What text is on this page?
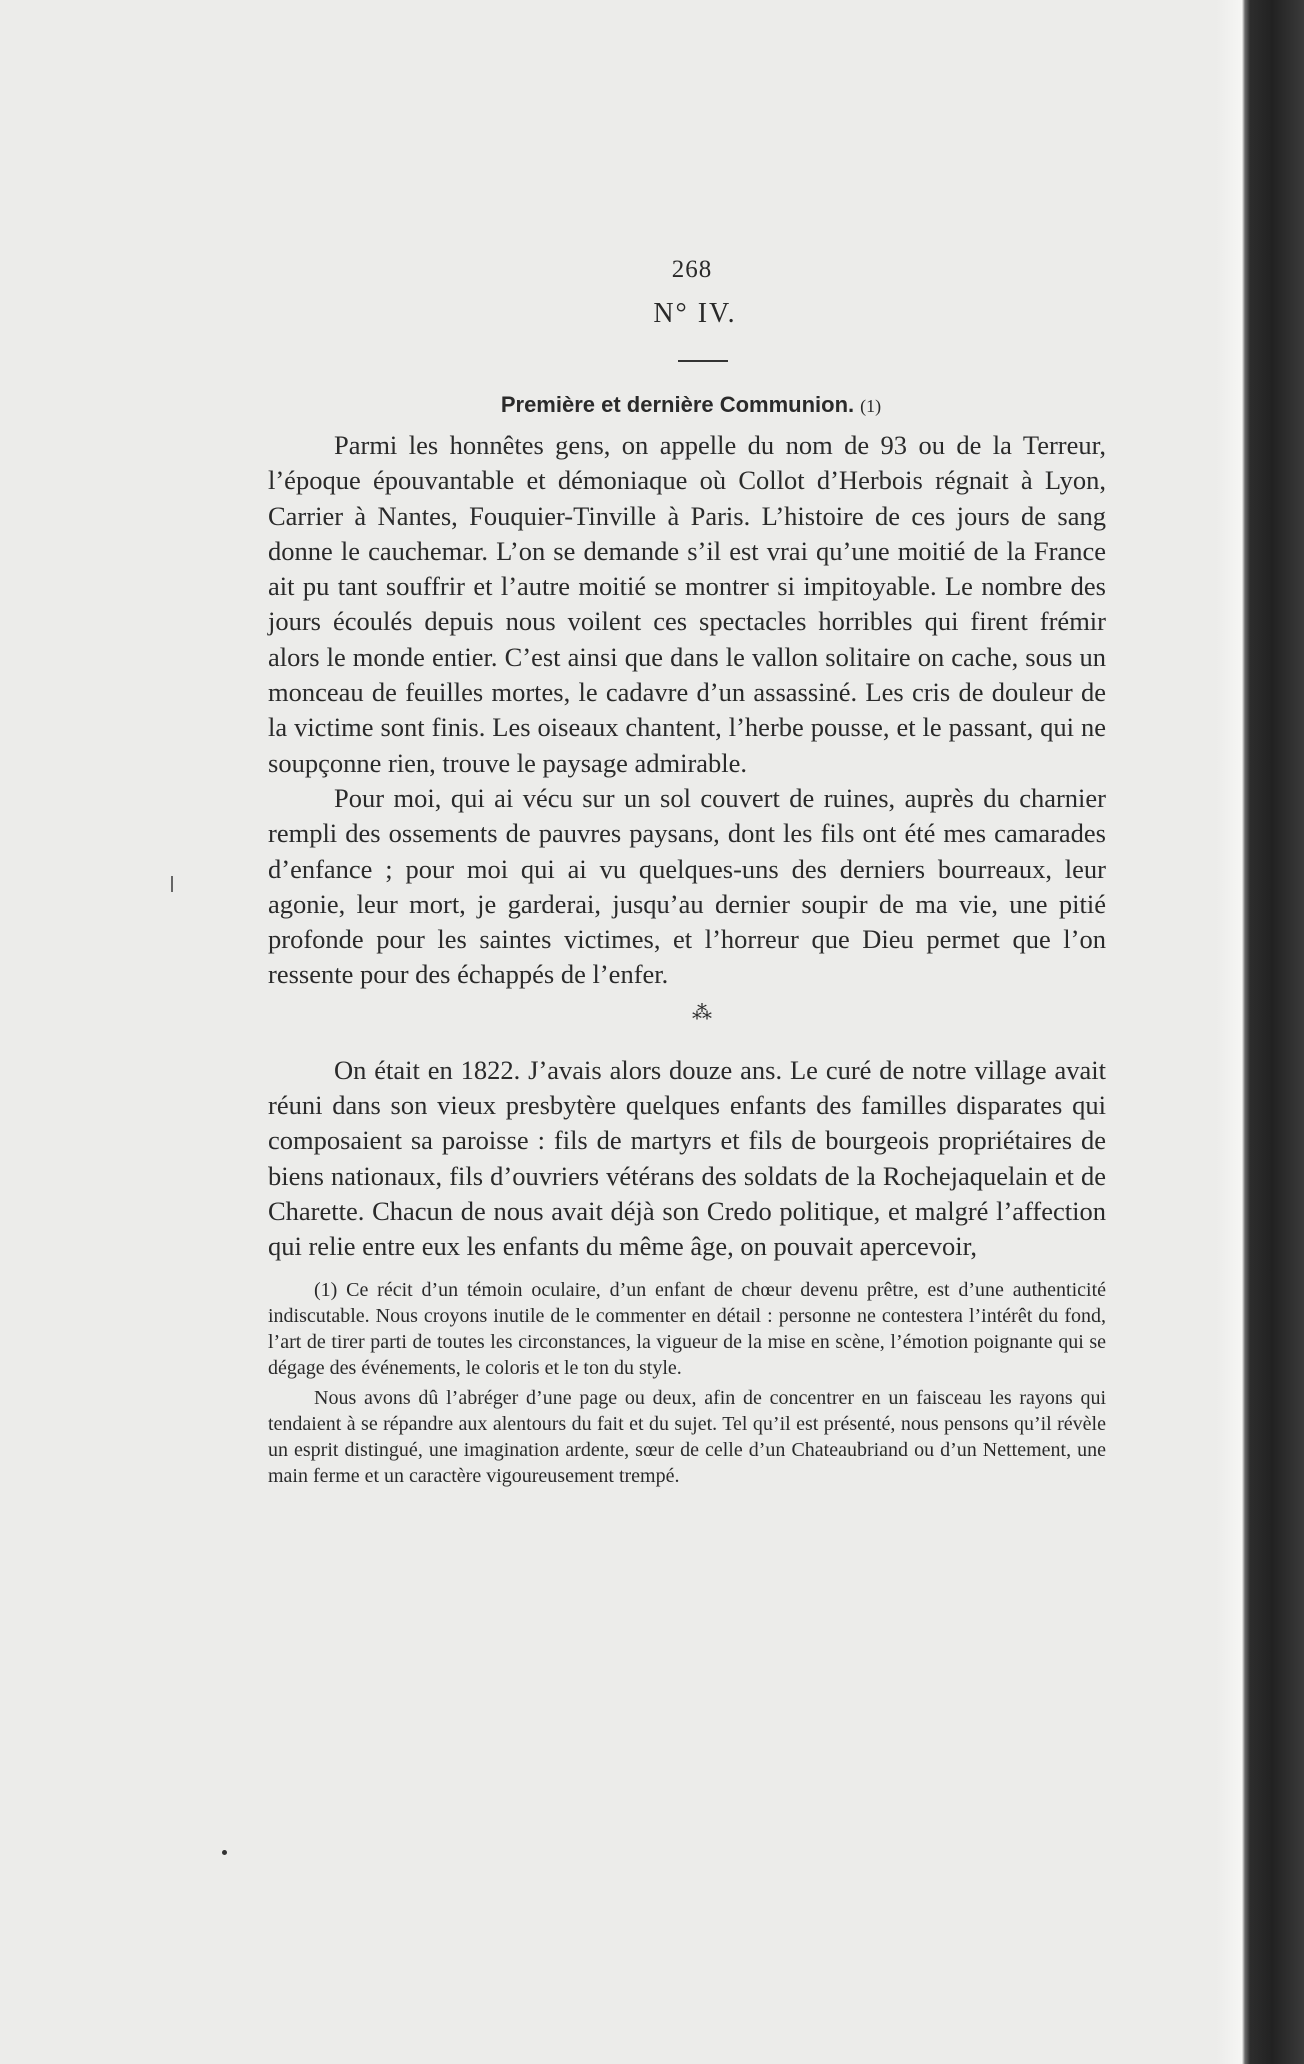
268
N° IV.
Première et dernière Communion. (1)

Parmi les honnêtes gens, on appelle du nom de 93 ou de la Terreur, l’époque épouvantable et démoniaque où Collot d’Herbois régnait à Lyon, Carrier à Nantes, Fouquier-Tinville à Paris. L’histoire de ces jours de sang donne le cauchemar. L’on se demande s’il est vrai qu’une moitié de la France ait pu tant souffrir et l’autre moitié se montrer si impitoyable. Le nombre des jours écoulés depuis nous voilent ces spectacles horribles qui firent frémir alors le monde entier. C’est ainsi que dans le vallon solitaire on cache, sous un monceau de feuilles mortes, le cadavre d’un assassiné. Les cris de douleur de la victime sont finis. Les oiseaux chantent, l’herbe pousse, et le passant, qui ne soupçonne rien, trouve le paysage admirable.

Pour moi, qui ai vécu sur un sol couvert de ruines, auprès du charnier rempli des ossements de pauvres paysans, dont les fils ont été mes camarades d’enfance ; pour moi qui ai vu quelques-uns des derniers bourreaux, leur agonie, leur mort, je garderai, jusqu’au dernier soupir de ma vie, une pitié profonde pour les saintes victimes, et l’horreur que Dieu permet que l’on ressente pour des échappés de l’enfer.

⁂

On était en 1822. J’avais alors douze ans. Le curé de notre village avait réuni dans son vieux presbytère quelques enfants des familles disparates qui composaient sa paroisse : fils de martyrs et fils de bourgeois propriétaires de biens nationaux, fils d’ouvriers vétérans des soldats de la Rochejaquelain et de Charette. Chacun de nous avait déjà son Credo politique, et malgré l’affection qui relie entre eux les enfants du même âge, on pouvait apercevoir,

(1) Ce récit d’un témoin oculaire, d’un enfant de chœur devenu prêtre, est d’une authenticité indiscutable. Nous croyons inutile de le commenter en détail : personne ne contestera l’intérêt du fond, l’art de tirer parti de toutes les circonstances, la vigueur de la mise en scène, l’émotion poignante qui se dégage des événements, le coloris et le ton du style.

Nous avons dû l’abréger d’une page ou deux, afin de concentrer en un faisceau les rayons qui tendaient à se répandre aux alentours du fait et du sujet. Tel qu’il est présenté, nous pensons qu’il révèle un esprit distingué, une imagination ardente, sœur de celle d’un Chateaubriand ou d’un Nettement, une main ferme et un caractère vigoureusement trempé.
